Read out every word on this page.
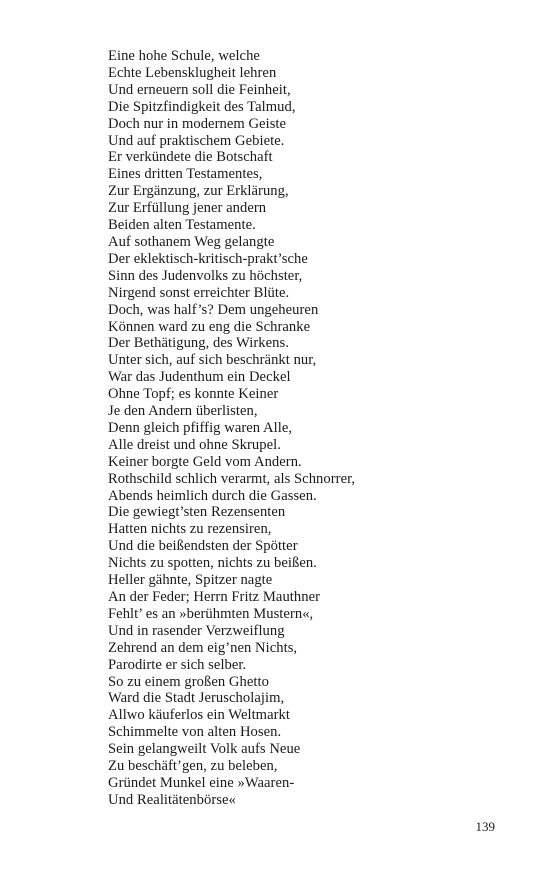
Eine hohe Schule, welche
Echte Lebensklugheit lehren
Und erneuern soll die Feinheit,
Die Spitzfindigkeit des Talmud,
Doch nur in modernem Geiste
Und auf praktischem Gebiete.
Er verkündete die Botschaft
Eines dritten Testamentes,
Zur Ergänzung, zur Erklärung,
Zur Erfüllung jener andern
Beiden alten Testamente.
Auf sothanem Weg gelangte
Der eklektisch-kritisch-prakt’sche
Sinn des Judenvolks zu höchster,
Nirgend sonst erreichter Blüte.
Doch, was half’s? Dem ungeheuren
Können ward zu eng die Schranke
Der Bethätigung, des Wirkens.
Unter sich, auf sich beschränkt nur,
War das Judenthum ein Deckel
Ohne Topf; es konnte Keiner
Je den Andern überlisten,
Denn gleich pfiffig waren Alle,
Alle dreist und ohne Skrupel.
Keiner borgte Geld vom Andern.
Rothschild schlich verarmt, als Schnorrer,
Abends heimlich durch die Gassen.
Die gewiegt’sten Rezensenten
Hatten nichts zu rezensiren,
Und die beißendsten der Spötter
Nichts zu spotten, nichts zu beißen.
Heller gähnte, Spitzer nagte
An der Feder; Herrn Fritz Mauthner
Fehlt’ es an »berühmten Mustern«,
Und in rasender Verzweiflung
Zehrend an dem eig’nen Nichts,
Parodirte er sich selber.
So zu einem großen Ghetto
Ward die Stadt Jeruscholajim,
Allwo käuferlos ein Weltmarkt
Schimmelte von alten Hosen.
Sein gelangweilt Volk aufs Neue
Zu beschäft’gen, zu beleben,
Gründet Munkel eine »Waaren-
Und Realitätenbörse«
139
